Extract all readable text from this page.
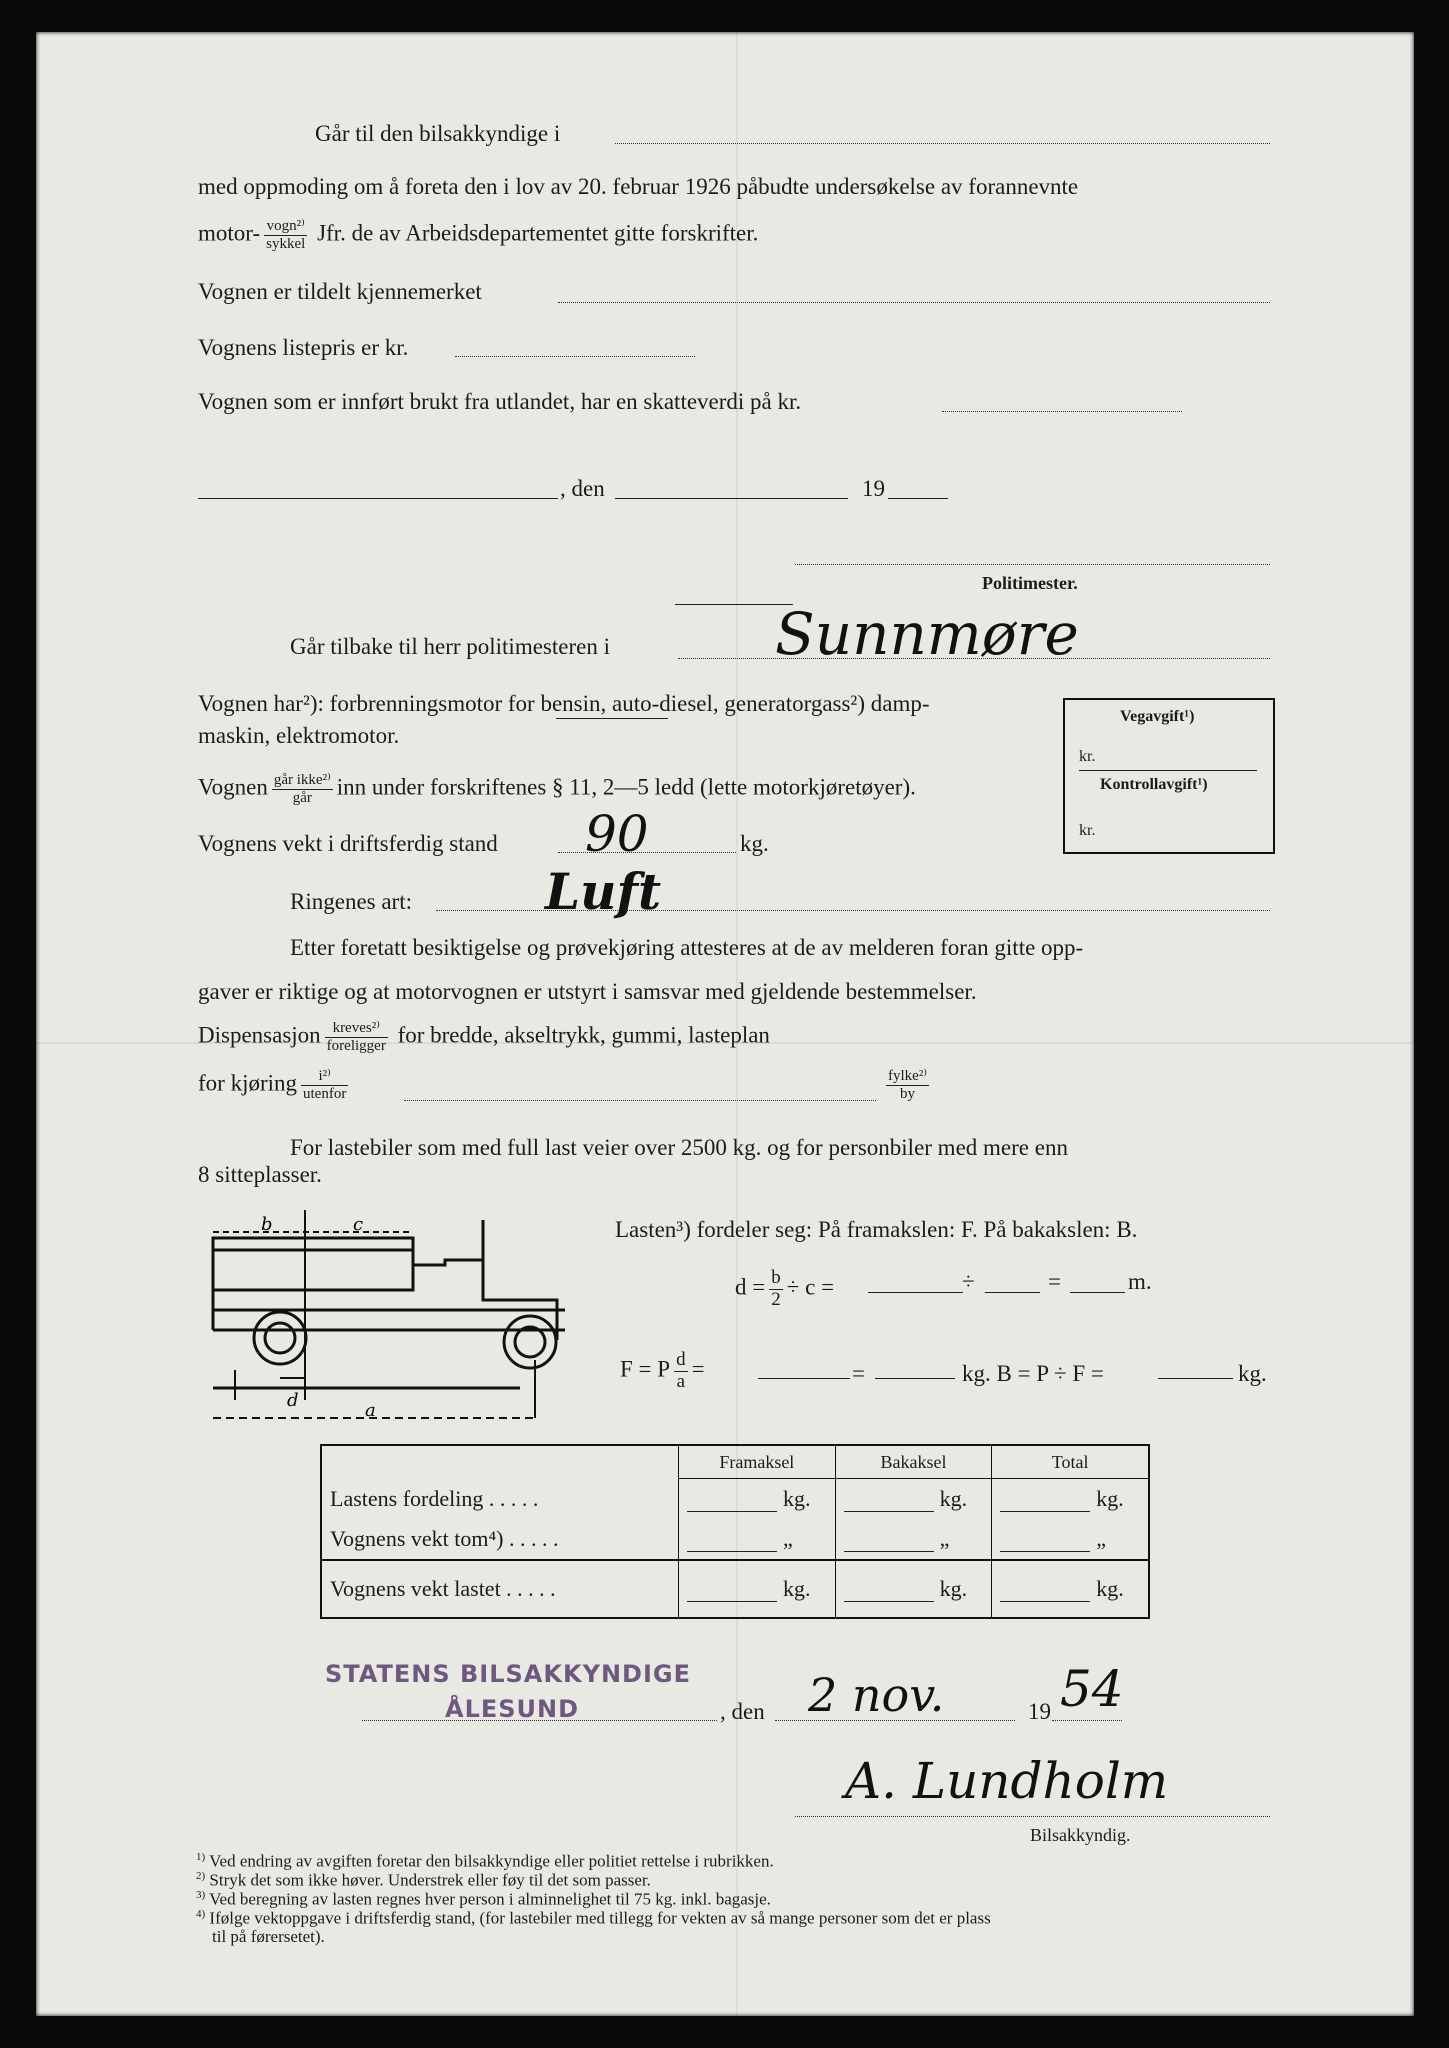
Går til den bilsakkyndige i
med oppmoding om å foreta den i lov av 20. februar 1926 påbudte undersøkelse av forannevnte
motor- $\frac{\text{vogn²⁾}}{\text{sykkel}}$ Jfr. de av Arbeidsdepartementet gitte forskrifter.
Vognen er tildelt kjennemerket
Vognens listepris er kr.
Vognen som er innført brukt fra utlandet, har en skatteverdi på kr.
, den	19
Politimester.
Går tilbake til herr politimesteren i	Sunnmøre
Vognen har²): forbrenningsmotor for bensin, auto-diesel, generatorgass²) damp-
maskin, elektromotor.
Vognen $\frac{\text{går ikke²⁾}}{\text{går}}$ inn under forskriftenes § 11, 2—5 ledd (lette motorkjøretøyer).
Vegavgift¹)
kr.
Kontrollavgift¹)
kr.
Vognens vekt i driftsferdig stand 90	kg.
Ringenes art:	Luft
Etter foretatt besiktigelse og prøvekjøring attesteres at de av melderen foran gitte opp-
gaver er riktige og at motorvognen er utstyrt i samsvar med gjeldende bestemmelser.
Dispensasjon $\frac{\text{kreves²⁾}}{\text{foreligger}}$ for bredde, akseltrykk, gummi, lasteplan
for kjøring $\frac{\text{i²⁾}}{\text{utenfor}}$	$\frac{\text{fylke²⁾}}{by}$
For lastebiler som med full last veier over 2500 kg. og for personbiler med mere enn
8 sitteplasser.
b	c
d	a
Lasten³) fordeler seg: På framakslen: F. På bakakslen: B.
$d = \frac{b}{2} \div c$ =	÷	=	m.
F = P $\frac{d}{a}$ =	=	kg. B = P ÷ F =	kg.
	Framaksel	Bakaksel	Total
Lastens fordeling . . . . .	kg.	kg.	kg.
Vognens vekt tom⁴) . . . . .	„	„	„
Vognens vekt lastet . . . . .	kg.	kg.	kg.
STATENS BILSAKKYNDIGE
ÅLESUND	, den 2 nov.	19 54
A. Lundholm
Bilsakkyndig.
$^{1)}$ Ved endring av avgiften foretar den bilsakkyndige eller politiet rettelse i rubrikken.
$^{2)}$ Stryk det som ikke høver. Understrek eller føy til det som passer.
$^{3)}$ Ved beregning av lasten regnes hver person i alminnelighet til 75 kg. inkl. bagasje.
$^{4)}$ Ifølge vektoppgave i driftsferdig stand, (for lastebiler med tillegg for vekten av så mange personer som det er plass
til på førersetet).
